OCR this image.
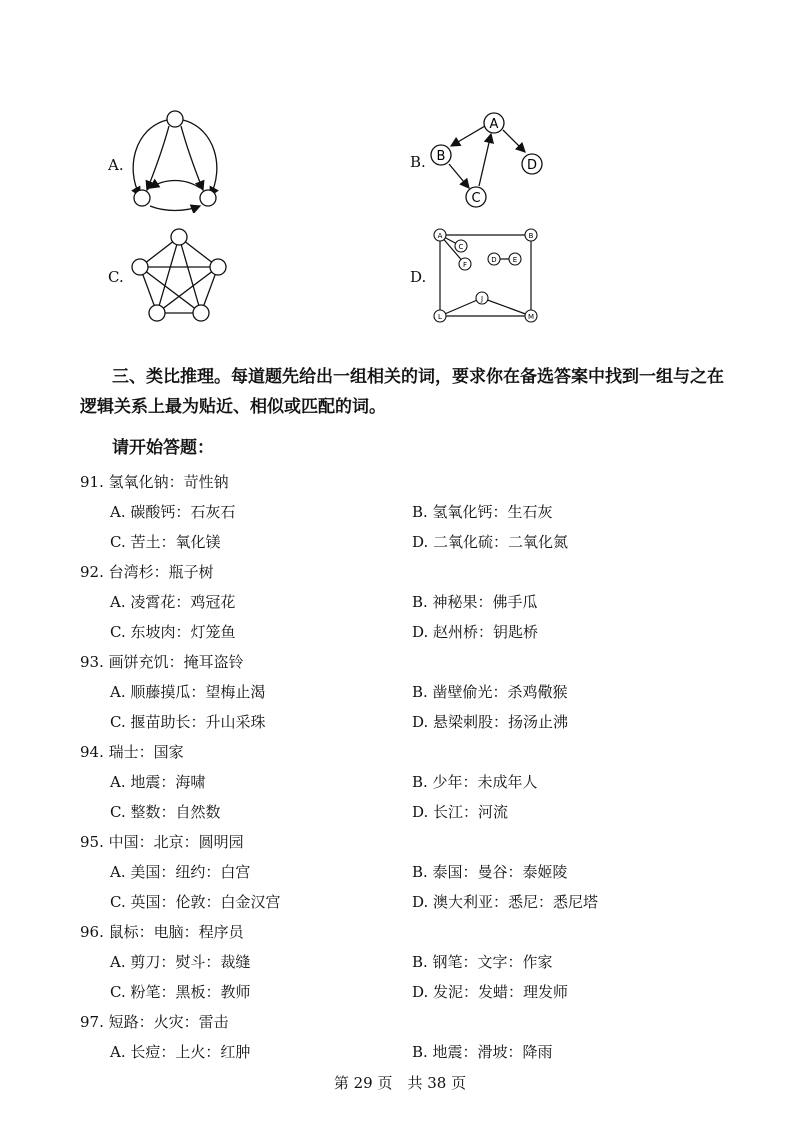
A.	B.
A
B
C
D
C.	D.
A	B
C
D E
F
J
L	M
三、类比推理。每道题先给出一组相关的词，要求你在备选答案中找到一组与之在逻辑关系上最为贴近、相似或匹配的词。
请开始答题：
91. 氢氧化钠：苛性钠
A. 碳酸钙：石灰石	B. 氢氧化钙：生石灰
C. 苦土：氧化镁	D. 二氧化硫：二氧化氮
92. 台湾杉：瓶子树
A. 凌霄花：鸡冠花	B. 神秘果：佛手瓜
C. 东坡肉：灯笼鱼	D. 赵州桥：钥匙桥
93. 画饼充饥：掩耳盗铃
A. 顺藤摸瓜：望梅止渴	B. 凿壁偷光：杀鸡儆猴
C. 揠苗助长：升山采珠	D. 悬梁刺股：扬汤止沸
94. 瑞士：国家
A. 地震：海啸	B. 少年：未成年人
C. 整数：自然数	D. 长江：河流
95. 中国：北京：圆明园
A. 美国：纽约：白宫	B. 泰国：曼谷：泰姬陵
C. 英国：伦敦：白金汉宫	D. 澳大利亚：悉尼：悉尼塔
96. 鼠标：电脑：程序员
A. 剪刀：熨斗：裁缝	B. 钢笔：文字：作家
C. 粉笔：黑板：教师	D. 发泥：发蜡：理发师
97. 短路：火灾：雷击
A. 长痘：上火：红肿	B. 地震：滑坡：降雨
第 29 页　共 38 页
